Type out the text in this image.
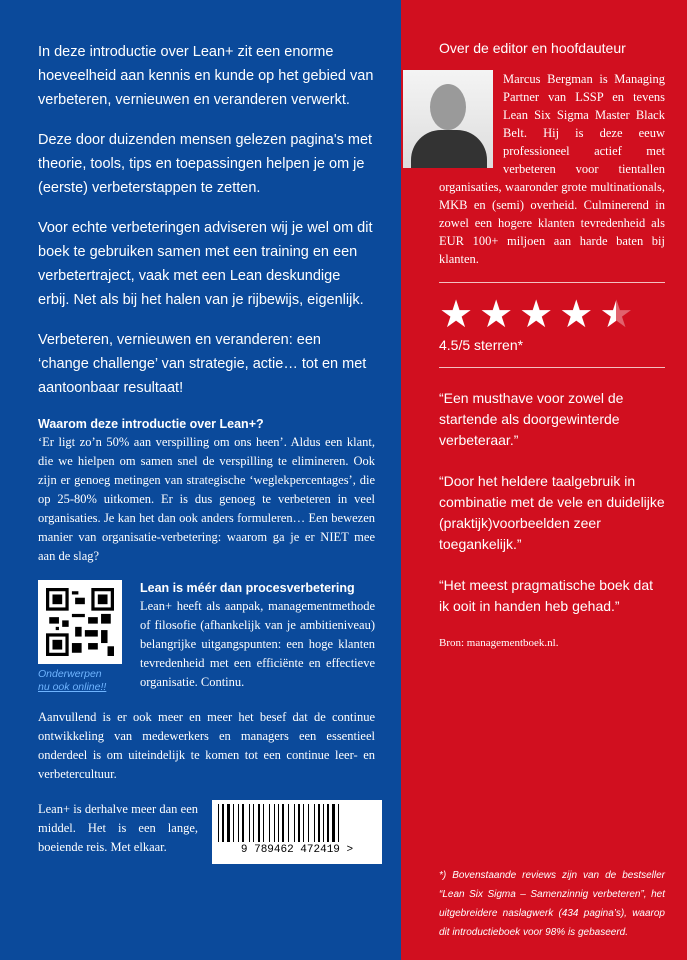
In deze introductie over Lean+ zit een enorme hoeveelheid aan kennis en kunde op het gebied van verbeteren, vernieuwen en veranderen verwerkt.

Deze door duizenden mensen gelezen pagina's met theorie, tools, tips en toepassingen helpen je om je (eerste) verbeterstappen te zetten.

Voor echte verbeteringen adviseren wij je wel om dit boek te gebruiken samen met een training en een verbetertraject, vaak met een Lean deskundige erbij. Net als bij het halen van je rijbewijs, eigenlijk.

Verbeteren, vernieuwen en veranderen: een ‘change challenge’ van strategie, actie… tot en met aantoonbaar resultaat!

Waarom deze introductie over Lean+?

‘Er ligt zo’n 50% aan verspilling om ons heen’. Aldus een klant, die we hielpen om samen snel de verspilling te elimineren. Ook zijn er genoeg metingen van strategische ‘weglekpercentages’, die op 25-80% uitkomen. Er is dus genoeg te verbeteren in veel organisaties. Je kan het dan ook anders formuleren… Een bewezen manier van organisatie-verbetering: waarom ga je er NIET mee aan de slag?

Onderwerpen
nu ook online!!
Lean is méér dan procesverbetering

Lean+ heeft als aanpak, managementmethode of filosofie (afhankelijk van je ambitieniveau) belangrijke uitgangspunten: een hoge klanten tevredenheid met een efficiënte en effectieve organisatie. Continu.

Aanvullend is er ook meer en meer het besef dat de continue ontwikkeling van medewerkers en managers een essentieel onderdeel is om uiteindelijk te komen tot een continue leer- en verbetercultuur.

Lean+ is derhalve meer dan een middel. Het is een lange, boeiende reis. Met elkaar.	9 789462 472419 >
Over de editor en hoofdauteur

Marcus Bergman is Managing Partner van LSSP en tevens Lean Six Sigma Master Black Belt. Hij is deze eeuw professioneel actief met verbeteren voor tientallen organisaties, waaronder grote multinationals, MKB en (semi) overheid. Culminerend in zowel een hogere klanten tevredenheid als EUR 100+ miljoen aan harde baten bij klanten.

★ ★ ★ ★ ★
4.5/5 sterren*

“Een musthave voor zowel de startende als doorgewinterde verbeteraar.”

“Door het heldere taalgebruik in combinatie met de vele en duidelijke (praktijk)voorbeelden zeer toegankelijk.”

“Het meest pragmatische boek dat ik ooit in handen heb gehad.”

Bron: managementboek.nl.

*) Bovenstaande reviews zijn van de bestseller “Lean Six Sigma – Samenzinnig verbeteren”, het uitgebreidere naslagwerk (434 pagina’s), waarop dit introductieboek voor 98% is gebaseerd.
